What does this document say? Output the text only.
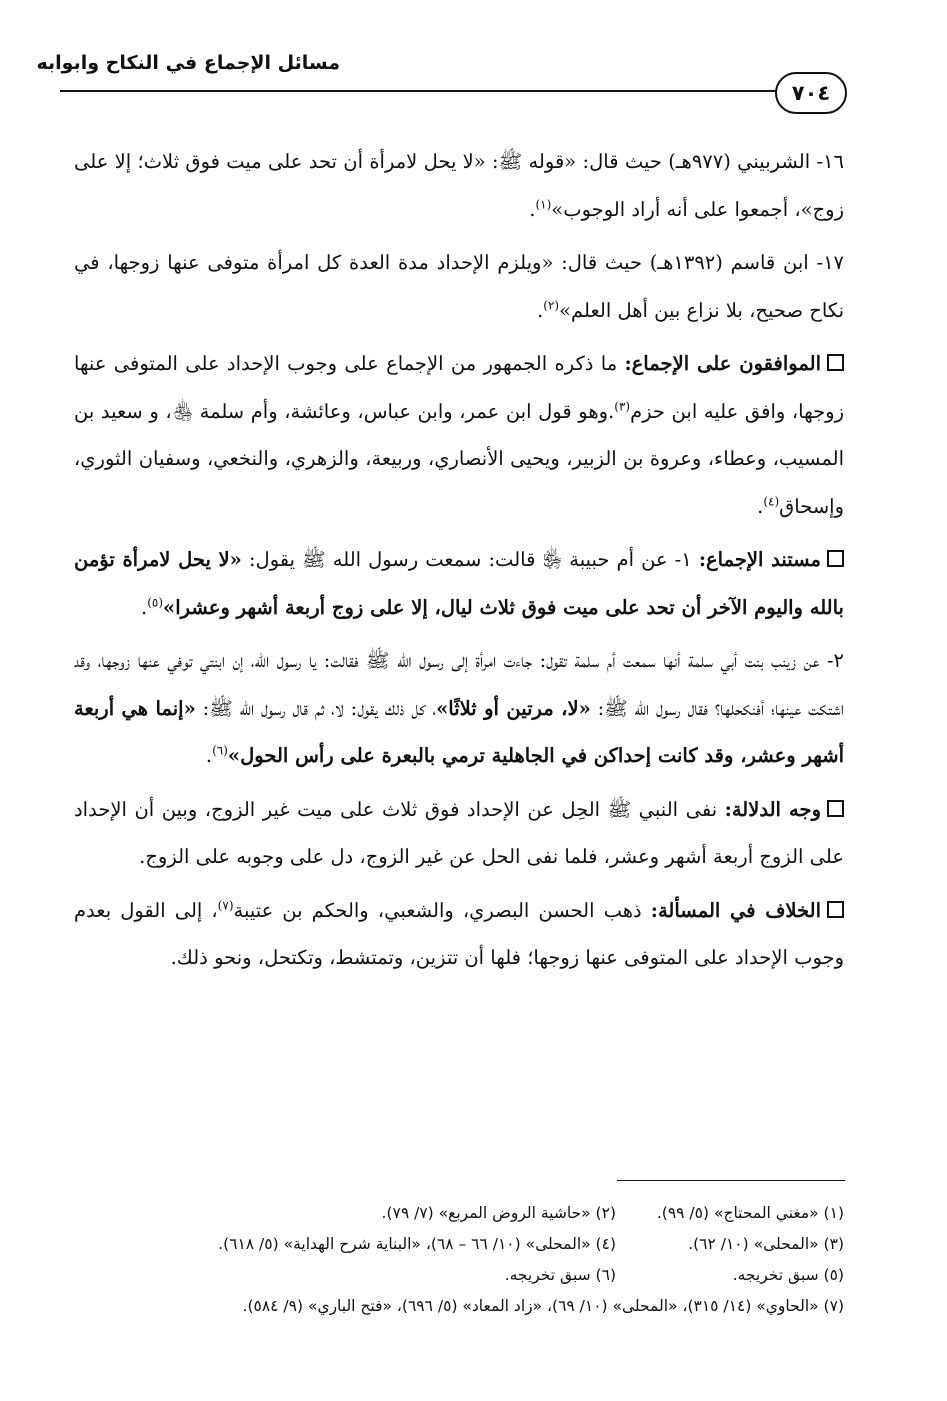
مسائل الإجماع في النكاح وابوابه
٧٠٤

١٦- الشربيني (٩٧٧هـ) حيث قال: «قوله ﷺ: «لا يحل لامرأة أن تحد على ميت فوق ثلاث؛ إلا على زوج»، أجمعوا على أنه أراد الوجوب»$^{(١)}$.

١٧- ابن قاسم (١٣٩٢هـ) حيث قال: «ويلزم الإحداد مدة العدة كل امرأة متوفى عنها زوجها، في نكاح صحيح، بلا نزاع بين أهل العلم»$^{(٢)}$.

الموافقون على الإجماع: ما ذكره الجمهور من الإجماع على وجوب الإحداد على المتوفى عنها زوجها، وافق عليه ابن حزم$^{(٣)}$.وهو قول ابن عمر، وابن عباس، وعائشة، وأم سلمة ﵃، و سعيد بن المسيب، وعطاء، وعروة بن الزبير، ويحيى الأنصاري، وربيعة، والزهري، والنخعي، وسفيان الثوري، وإسحاق$^{(٤)}$.

مستند الإجماع: ١- عن أم حبيبة ﵂ قالت: سمعت رسول الله ﷺ يقول: «لا يحل لامرأة تؤمن بالله واليوم الآخر أن تحد على ميت فوق ثلاث ليال، إلا على زوج أربعة أشهر وعشرا»$^{(٥)}$.

٢- عن زينب بنت أبي سلمة أنها سمعت أم سلمة تقول: جاءت امرأة إلى رسول الله ﷺ فقالت: يا رسول الله، إن ابنتي توفي عنها زوجها، وقد اشتكت عينها؛ أفنكحلها؟ فقال رسول الله ﷺ: «لا، مرتين أو ثلاثًا»، كل ذلك يقول: لا، ثم قال رسول الله ﷺ: «إنما هي أربعة أشهر وعشر، وقد كانت إحداكن في الجاهلية ترمي بالبعرة على رأس الحول»$^{(٦)}$.

وجه الدلالة: نفى النبي ﷺ الحِل عن الإحداد فوق ثلاث على ميت غير الزوج، وبين أن الإحداد على الزوج أربعة أشهر وعشر، فلما نفى الحل عن غير الزوج، دل على وجوبه على الزوج.

الخلاف في المسألة: ذهب الحسن البصري، والشعبي، والحكم بن عتيبة$^{(٧)}$، إلى القول بعدم وجوب الإحداد على المتوفى عنها زوجها؛ فلها أن تتزين، وتمتشط، وتكتحل، ونحو ذلك.

(١) «مغني المحتاج» (٥/ ٩٩).
(٢) «حاشية الروض المربع» (٧/ ٧٩).
(٣) «المحلى» (١٠/ ٦٢).
(٤) «المحلى» (١٠/ ٦٦ – ٦٨)، «البناية شرح الهداية» (٥/ ٦١٨).
(٥) سبق تخريجه.
(٦) سبق تخريجه.
(٧) «الحاوي» (١٤/ ٣١٥)، «المحلى» (١٠/ ٦٩)، «زاد المعاد» (٥/ ٦٩٦)، «فتح الباري» (٩/ ٥٨٤).
